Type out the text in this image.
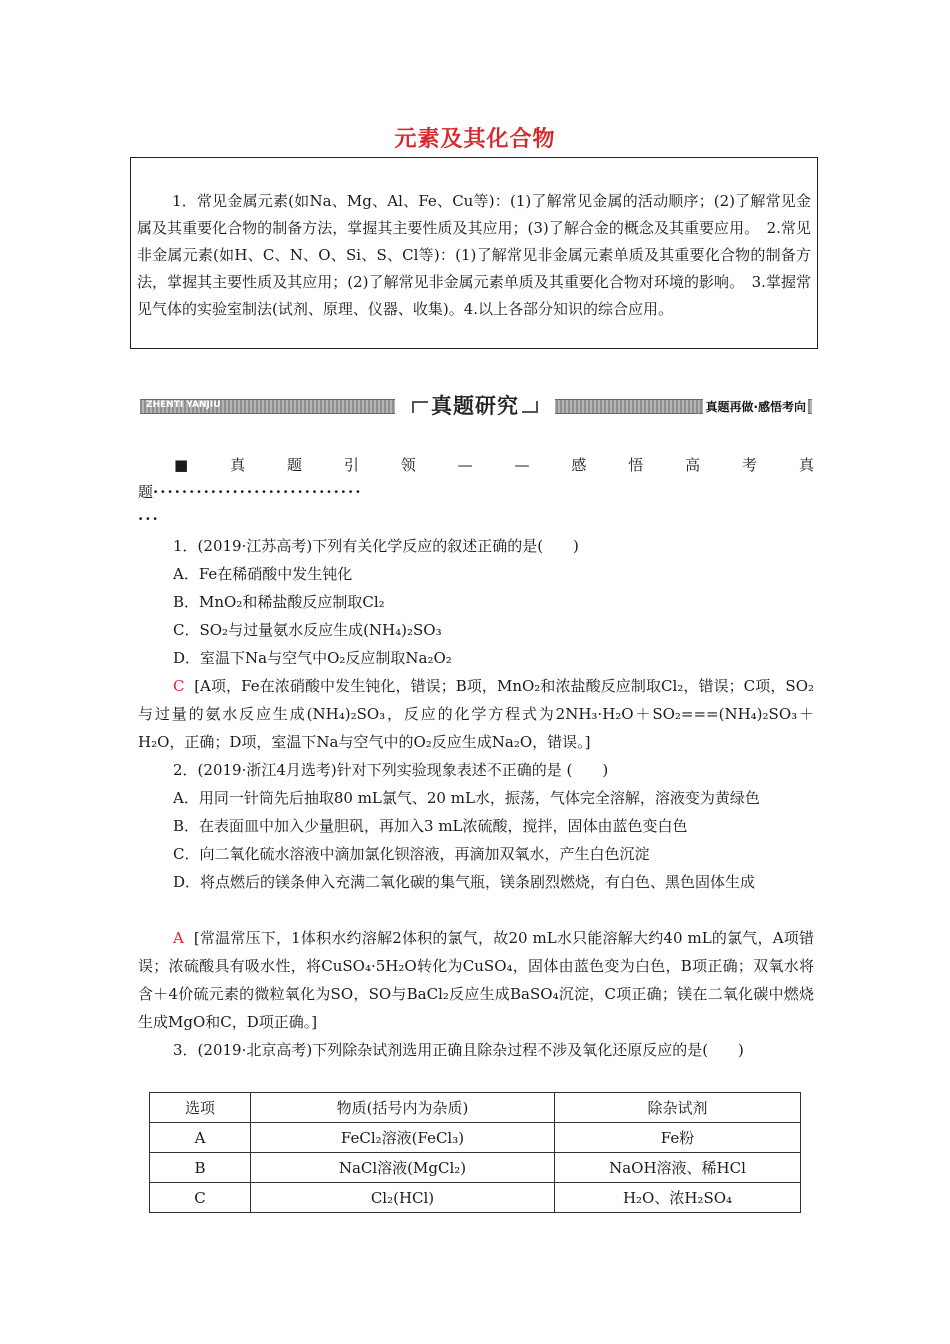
元素及其化合物
1．常见金属元素(如Na、Mg、Al、Fe、Cu等)：(1)了解常见金属的活动顺序；(2)了解常见金属及其重要化合物的制备方法，掌握其主要性质及其应用；(3)了解合金的概念及其重要应用。　2.常见非金属元素(如H、C、N、O、Si、S、Cl等)：(1)了解常见非金属元素单质及其重要化合物的制备方法，掌握其主要性质及其应用；(2)了解常见非金属元素单质及其重要化合物对环境的影响。　3.掌握常见气体的实验室制法(试剂、原理、仪器、收集)。4.以上各部分知识的综合应用。
ZHENTI YANJIU	真题研究	真题再做·感悟考向
■	真	题	引	领	—	—	感	悟	高	考	真
题·····························
···
1．(2019·江苏高考)下列有关化学反应的叙述正确的是(　　)
A．Fe在稀硝酸中发生钝化
B．MnO₂和稀盐酸反应制取Cl₂
C．SO₂与过量氨水反应生成(NH₄)₂SO₃
D．室温下Na与空气中O₂反应制取Na₂O₂
C [A项，Fe在浓硝酸中发生钝化，错误；B项，MnO₂和浓盐酸反应制取Cl₂，错误；C项，SO₂与过量的氨水反应生成(NH₄)₂SO₃，反应的化学方程式为2NH₃·H₂O＋SO₂===(NH₄)₂SO₃＋H₂O，正确；D项，室温下Na与空气中的O₂反应生成Na₂O，错误。]
2．(2019·浙江4月选考)针对下列实验现象表述不正确的是 (　　)
A．用同一针筒先后抽取80 mL氯气、20 mL水，振荡，气体完全溶解，溶液变为黄绿色
B．在表面皿中加入少量胆矾，再加入3 mL浓硫酸，搅拌，固体由蓝色变白色
C．向二氧化硫水溶液中滴加氯化钡溶液，再滴加双氧水，产生白色沉淀
D．将点燃后的镁条伸入充满二氧化碳的集气瓶，镁条剧烈燃烧，有白色、黑色固体生成
A [常温常压下，1体积水约溶解2体积的氯气，故20 mL水只能溶解大约40 mL的氯气，A项错误；浓硫酸具有吸水性，将CuSO₄·5H₂O转化为CuSO₄，固体由蓝色变为白色，B项正确；双氧水将含＋4价硫元素的微粒氧化为SO，SO与BaCl₂反应生成BaSO₄沉淀，C项正确；镁在二氧化碳中燃烧生成MgO和C，D项正确。]
3．(2019·北京高考)下列除杂试剂选用正确且除杂过程不涉及氧化还原反应的是(　　)
选项	物质(括号内为杂质)	除杂试剂
A	FeCl₂溶液(FeCl₃)	Fe粉
B	NaCl溶液(MgCl₂)	NaOH溶液、稀HCl
C	Cl₂(HCl)	H₂O、浓H₂SO₄
